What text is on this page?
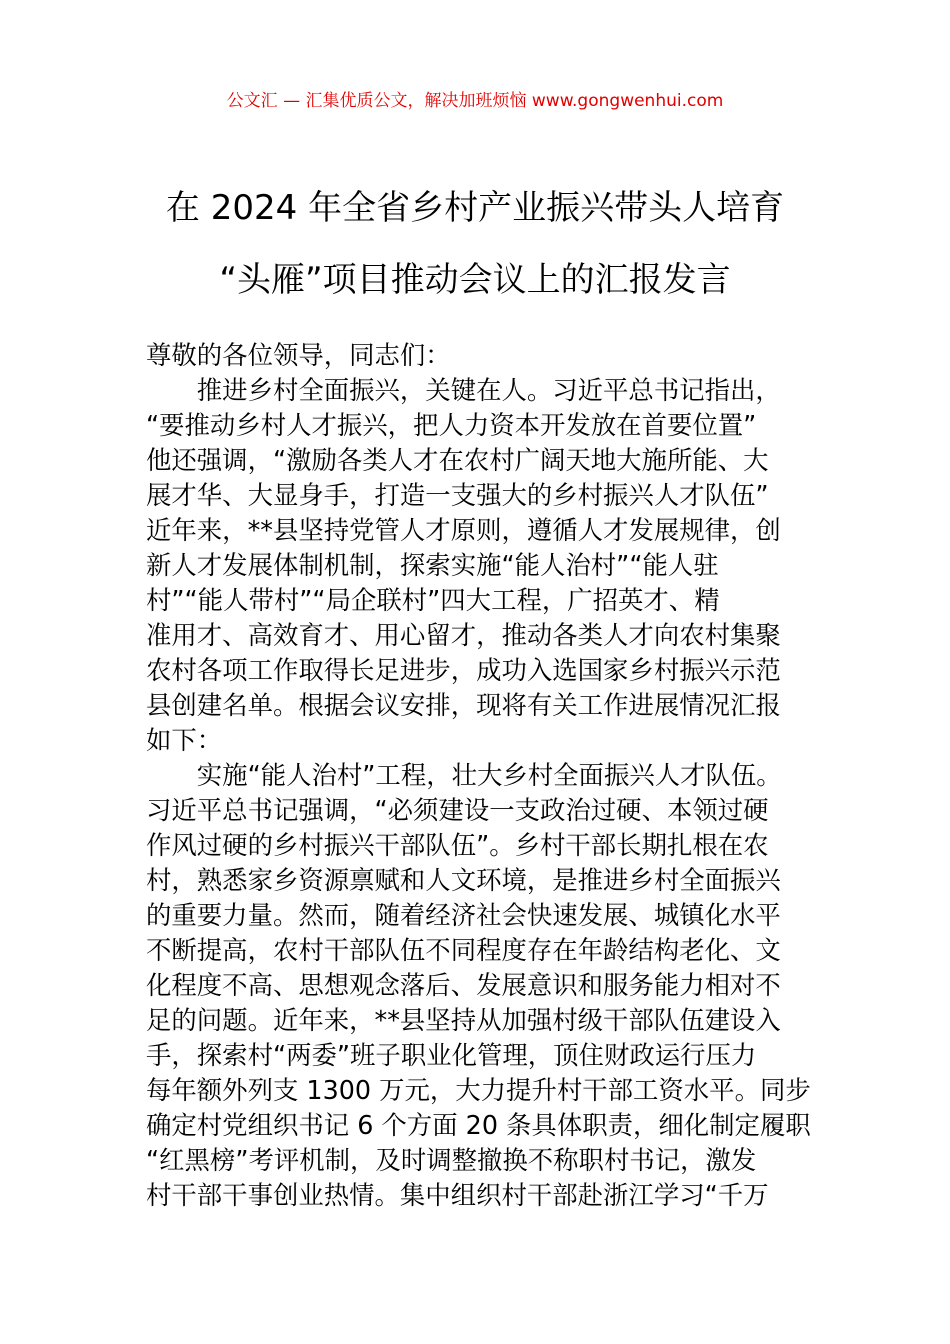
公文汇 — 汇集优质公文，解决加班烦恼 www.gongwenhui.com
在 2024 年全省乡村产业振兴带头人培育
“头雁”项目推动会议上的汇报发言
尊敬的各位领导，同志们：
　　推进乡村全面振兴，关键在人。习近平总书记指出，
“要推动乡村人才振兴，把人力资本开发放在首要位置”
他还强调，“激励各类人才在农村广阔天地大施所能、大
展才华、大显身手，打造一支强大的乡村振兴人才队伍”
近年来，**县坚持党管人才原则，遵循人才发展规律，创
新人才发展体制机制，探索实施“能人治村”“能人驻
村”“能人带村”“局企联村”四大工程，广招英才、精
准用才、高效育才、用心留才，推动各类人才向农村集聚
农村各项工作取得长足进步，成功入选国家乡村振兴示范
县创建名单。根据会议安排，现将有关工作进展情况汇报
如下：
　　实施“能人治村”工程，壮大乡村全面振兴人才队伍。
习近平总书记强调，“必须建设一支政治过硬、本领过硬
作风过硬的乡村振兴干部队伍”。乡村干部长期扎根在农
村，熟悉家乡资源禀赋和人文环境，是推进乡村全面振兴
的重要力量。然而，随着经济社会快速发展、城镇化水平
不断提高，农村干部队伍不同程度存在年龄结构老化、文
化程度不高、思想观念落后、发展意识和服务能力相对不
足的问题。近年来，**县坚持从加强村级干部队伍建设入
手，探索村“两委”班子职业化管理，顶住财政运行压力
每年额外列支 1300 万元，大力提升村干部工资水平。同步
确定村党组织书记 6 个方面 20 条具体职责，细化制定履职
“红黑榜”考评机制，及时调整撤换不称职村书记，激发
村干部干事创业热情。集中组织村干部赴浙江学习“千万
